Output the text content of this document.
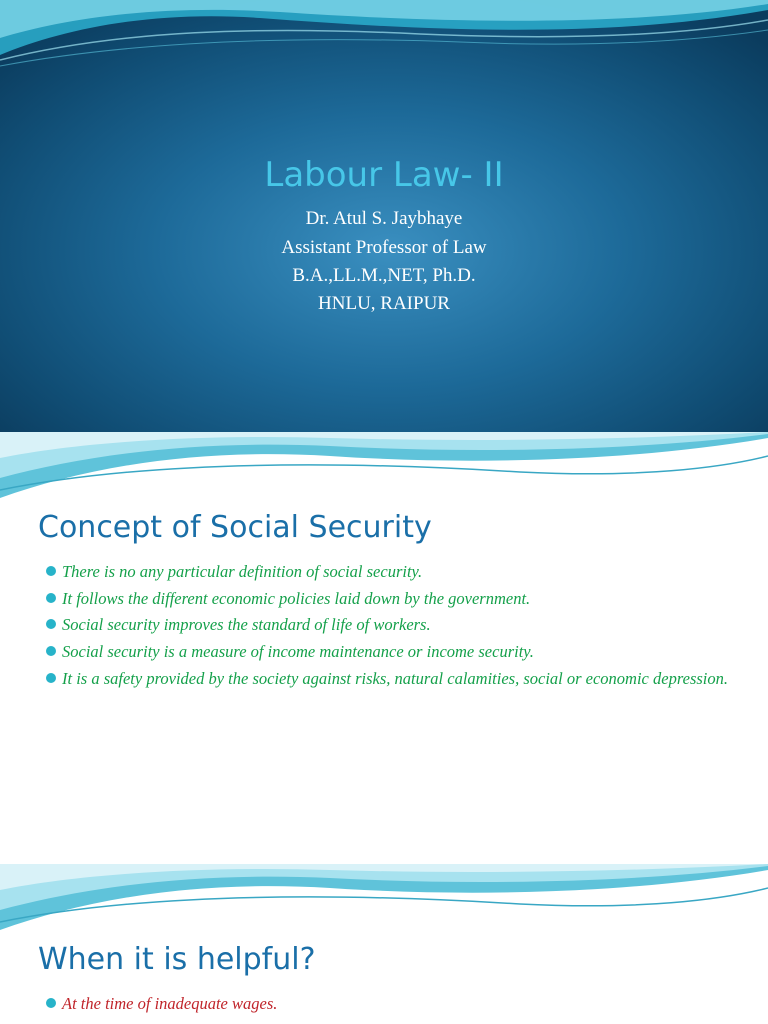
Labour Law- II
Dr. Atul S. Jaybhaye
Assistant Professor of Law
B.A.,LL.M.,NET, Ph.D.
HNLU, RAIPUR
Concept of Social Security
There is no any particular definition of social security.
It follows the different economic policies laid down by the government.
Social security improves the standard of life of workers.
Social security is a measure of income maintenance or income security.
It is a safety provided by the society against risks, natural calamities, social or economic depression.
When it is helpful?
At the time of inadequate wages.
